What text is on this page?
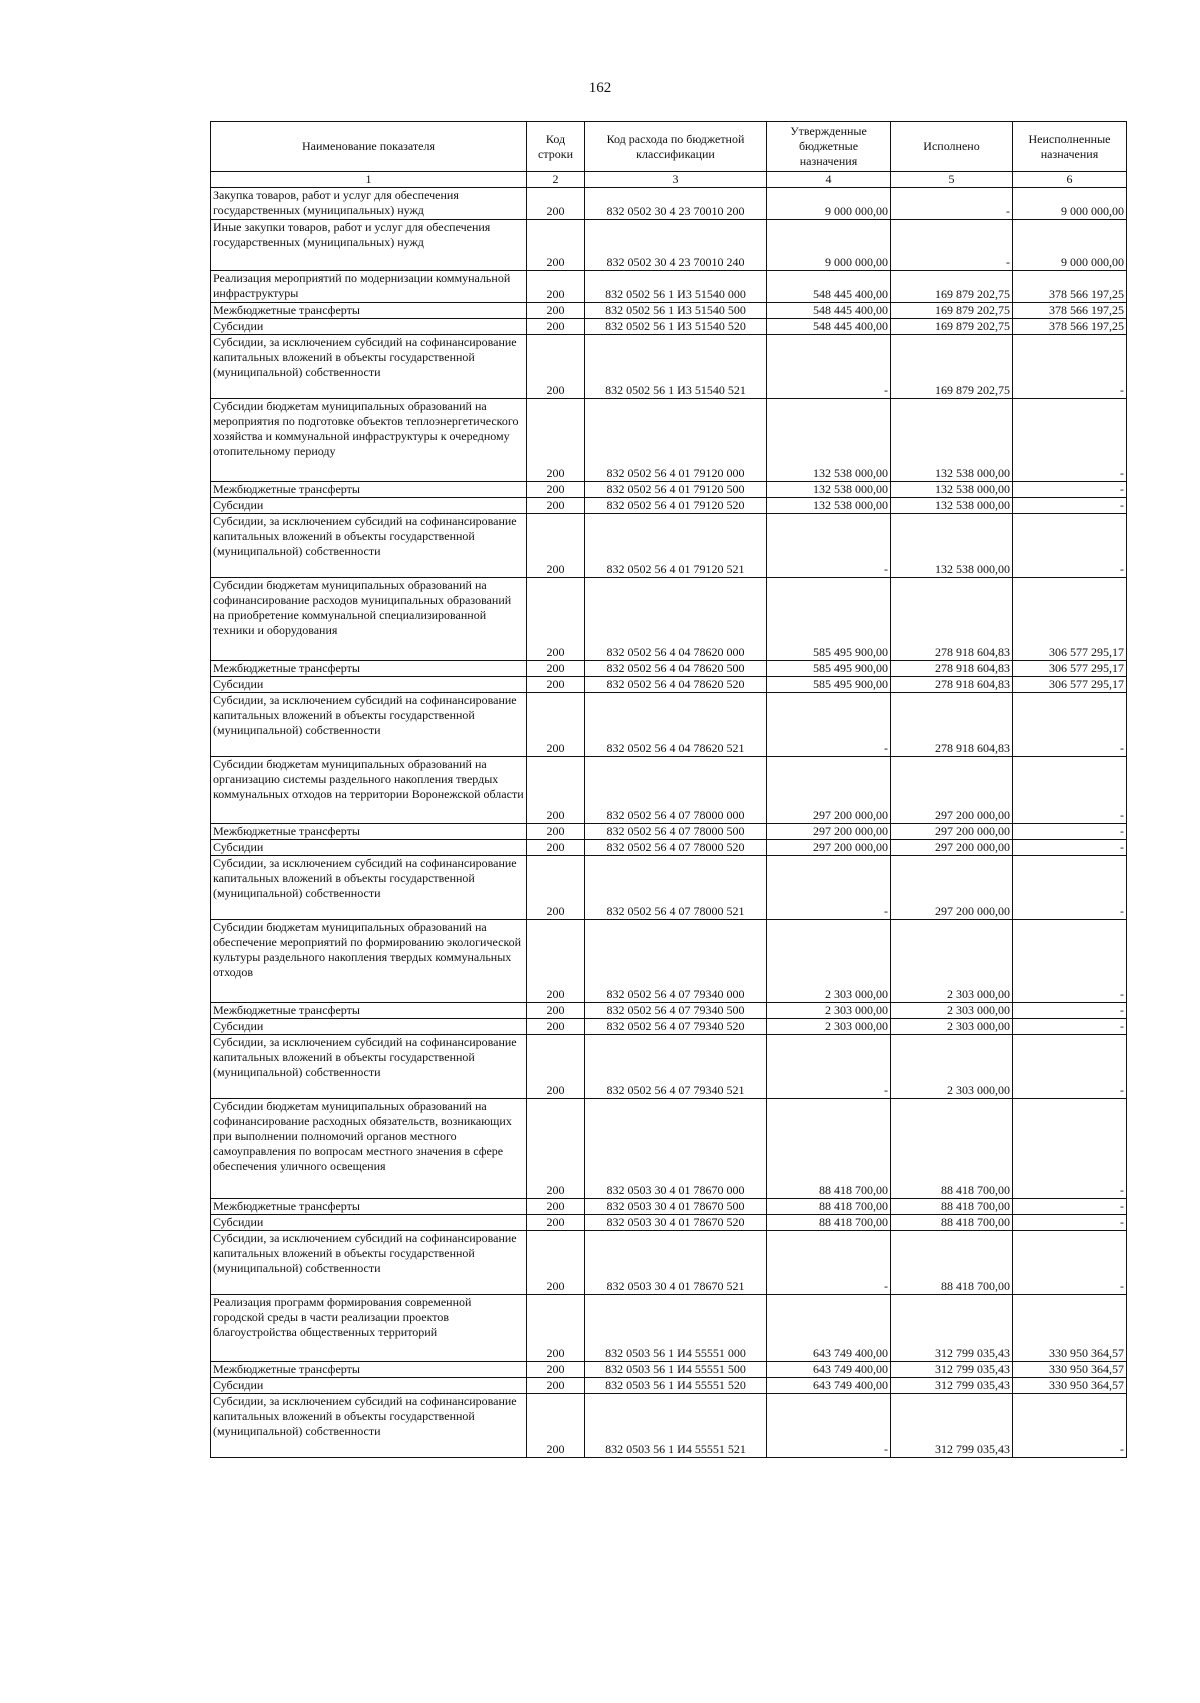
162
Наименование показателя	Код строки	Код расхода по бюджетной классификации	Утвержденные бюджетные назначения	Исполнено	Неисполненные назначения
1	2	3	4	5	6
Закупка товаров, работ и услуг для обеспечения государственных (муниципальных) нужд	200	832 0502 30 4 23 70010 200	9 000 000,00	-	9 000 000,00
Иные закупки товаров, работ и услуг для обеспечения государственных (муниципальных) нужд	200	832 0502 30 4 23 70010 240	9 000 000,00	-	9 000 000,00
Реализация мероприятий по модернизации коммунальной инфраструктуры	200	832 0502 56 1 И3 51540 000	548 445 400,00	169 879 202,75	378 566 197,25
Межбюджетные трансферты	200	832 0502 56 1 И3 51540 500	548 445 400,00	169 879 202,75	378 566 197,25
Субсидии	200	832 0502 56 1 И3 51540 520	548 445 400,00	169 879 202,75	378 566 197,25
Субсидии, за исключением субсидий на софинансирование капитальных вложений в объекты государственной (муниципальной) собственности	200	832 0502 56 1 И3 51540 521	-	169 879 202,75	-
Субсидии бюджетам муниципальных образований на мероприятия по подготовке объектов теплоэнергетического хозяйства и коммунальной инфраструктуры к очередному отопительному периоду	200	832 0502 56 4 01 79120 000	132 538 000,00	132 538 000,00	-
Межбюджетные трансферты	200	832 0502 56 4 01 79120 500	132 538 000,00	132 538 000,00	-
Субсидии	200	832 0502 56 4 01 79120 520	132 538 000,00	132 538 000,00	-
Субсидии, за исключением субсидий на софинансирование капитальных вложений в объекты государственной (муниципальной) собственности	200	832 0502 56 4 01 79120 521	-	132 538 000,00	-
Субсидии бюджетам муниципальных образований на софинансирование расходов муниципальных образований на приобретение коммунальной специализированной техники и оборудования	200	832 0502 56 4 04 78620 000	585 495 900,00	278 918 604,83	306 577 295,17
Межбюджетные трансферты	200	832 0502 56 4 04 78620 500	585 495 900,00	278 918 604,83	306 577 295,17
Субсидии	200	832 0502 56 4 04 78620 520	585 495 900,00	278 918 604,83	306 577 295,17
Субсидии, за исключением субсидий на софинансирование капитальных вложений в объекты государственной (муниципальной) собственности	200	832 0502 56 4 04 78620 521	-	278 918 604,83	-
Субсидии бюджетам муниципальных образований на организацию системы раздельного накопления твердых коммунальных отходов на территории Воронежской области	200	832 0502 56 4 07 78000 000	297 200 000,00	297 200 000,00	-
Межбюджетные трансферты	200	832 0502 56 4 07 78000 500	297 200 000,00	297 200 000,00	-
Субсидии	200	832 0502 56 4 07 78000 520	297 200 000,00	297 200 000,00	-
Субсидии, за исключением субсидий на софинансирование капитальных вложений в объекты государственной (муниципальной) собственности	200	832 0502 56 4 07 78000 521	-	297 200 000,00	-
Субсидии бюджетам муниципальных образований на обеспечение мероприятий по формированию экологической культуры раздельного накопления твердых коммунальных отходов	200	832 0502 56 4 07 79340 000	2 303 000,00	2 303 000,00	-
Межбюджетные трансферты	200	832 0502 56 4 07 79340 500	2 303 000,00	2 303 000,00	-
Субсидии	200	832 0502 56 4 07 79340 520	2 303 000,00	2 303 000,00	-
Субсидии, за исключением субсидий на софинансирование капитальных вложений в объекты государственной (муниципальной) собственности	200	832 0502 56 4 07 79340 521	-	2 303 000,00	-
Субсидии бюджетам муниципальных образований на софинансирование расходных обязательств, возникающих при выполнении полномочий органов местного самоуправления по вопросам местного значения в сфере обеспечения уличного освещения	200	832 0503 30 4 01 78670 000	88 418 700,00	88 418 700,00	-
Межбюджетные трансферты	200	832 0503 30 4 01 78670 500	88 418 700,00	88 418 700,00	-
Субсидии	200	832 0503 30 4 01 78670 520	88 418 700,00	88 418 700,00	-
Субсидии, за исключением субсидий на софинансирование капитальных вложений в объекты государственной (муниципальной) собственности	200	832 0503 30 4 01 78670 521	-	88 418 700,00	-
Реализация программ формирования современной городской среды в части реализации проектов благоустройства общественных территорий	200	832 0503 56 1 И4 55551 000	643 749 400,00	312 799 035,43	330 950 364,57
Межбюджетные трансферты	200	832 0503 56 1 И4 55551 500	643 749 400,00	312 799 035,43	330 950 364,57
Субсидии	200	832 0503 56 1 И4 55551 520	643 749 400,00	312 799 035,43	330 950 364,57
Субсидии, за исключением субсидий на софинансирование капитальных вложений в объекты государственной (муниципальной) собственности	200	832 0503 56 1 И4 55551 521	-	312 799 035,43	-
